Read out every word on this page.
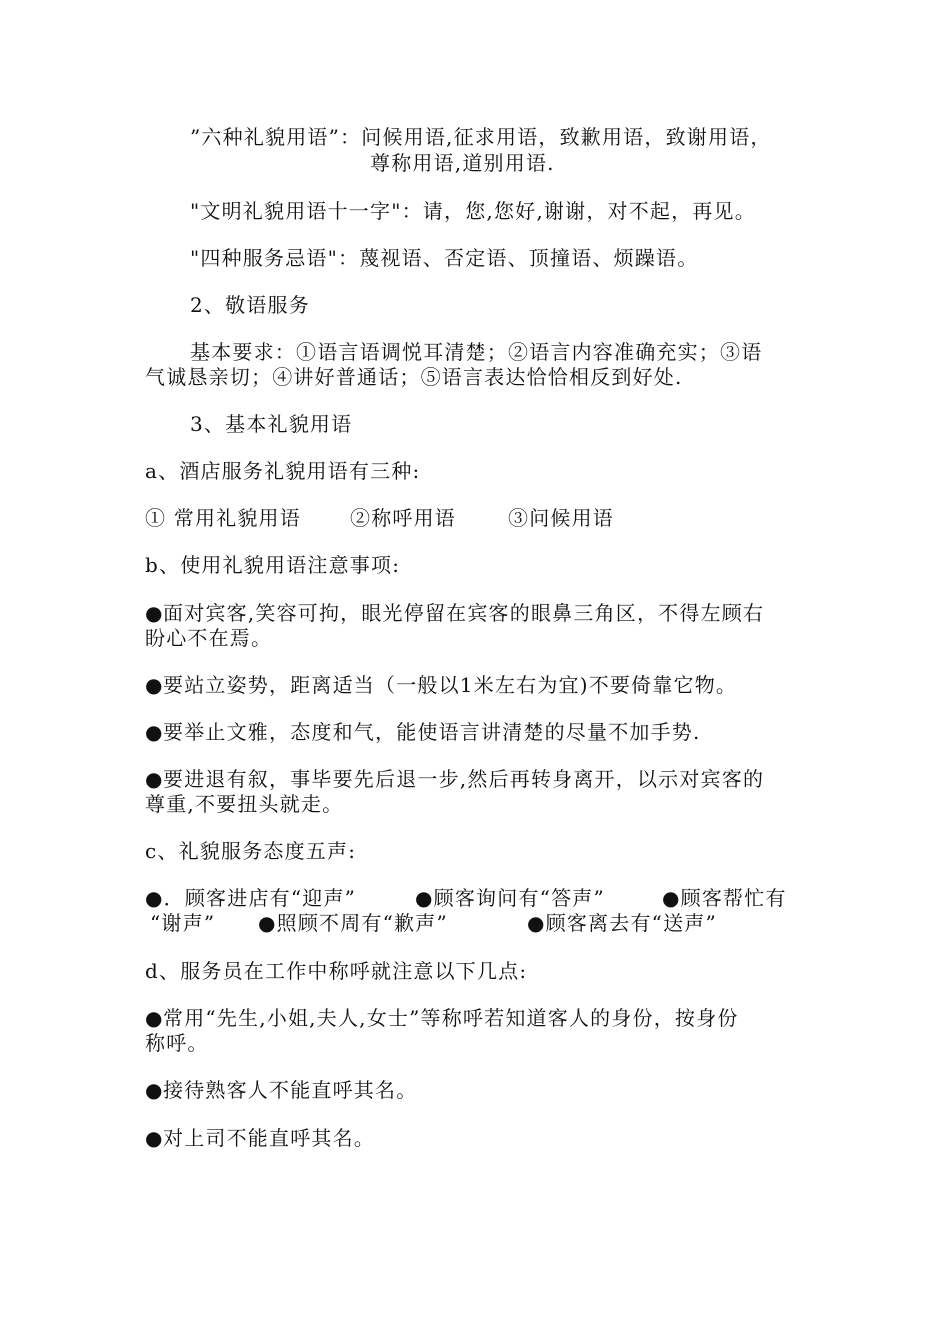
”六种礼貌用语”：问候用语,征求用语，致歉用语，致谢用语，
尊称用语,道别用语.
"文明礼貌用语十一字"：请，您,您好,谢谢，对不起，再见。
"四种服务忌语"：蔑视语、否定语、顶撞语、烦躁语。
2、敬语服务
基本要求：①语言语调悦耳清楚；②语言内容准确充实；③语
气诚恳亲切；④讲好普通话；⑤语言表达恰恰相反到好处.
3、基本礼貌用语
a、酒店服务礼貌用语有三种:
① 常用礼貌用语 ②称呼用语	③问候用语
b、使用礼貌用语注意事项:
●面对宾客,笑容可拘，眼光停留在宾客的眼鼻三角区，不得左顾右
盼心不在焉。
●要站立姿势，距离适当（一般以1米左右为宜)不要倚靠它物。
●要举止文雅，态度和气，能使语言讲清楚的尽量不加手势.
●要进退有叙，事毕要先后退一步,然后再转身离开，以示对宾客的
尊重,不要扭头就走。
c、礼貌服务态度五声:
●．顾客进店有“迎声”	●顾客询问有“答声”	●顾客帮忙有
“谢声” ●照顾不周有“歉声”	●顾客离去有“送声”
d、服务员在工作中称呼就注意以下几点:
●常用“先生,小姐,夫人,女士”等称呼若知道客人的身份，按身份
称呼。
●接待熟客人不能直呼其名。
●对上司不能直呼其名。
